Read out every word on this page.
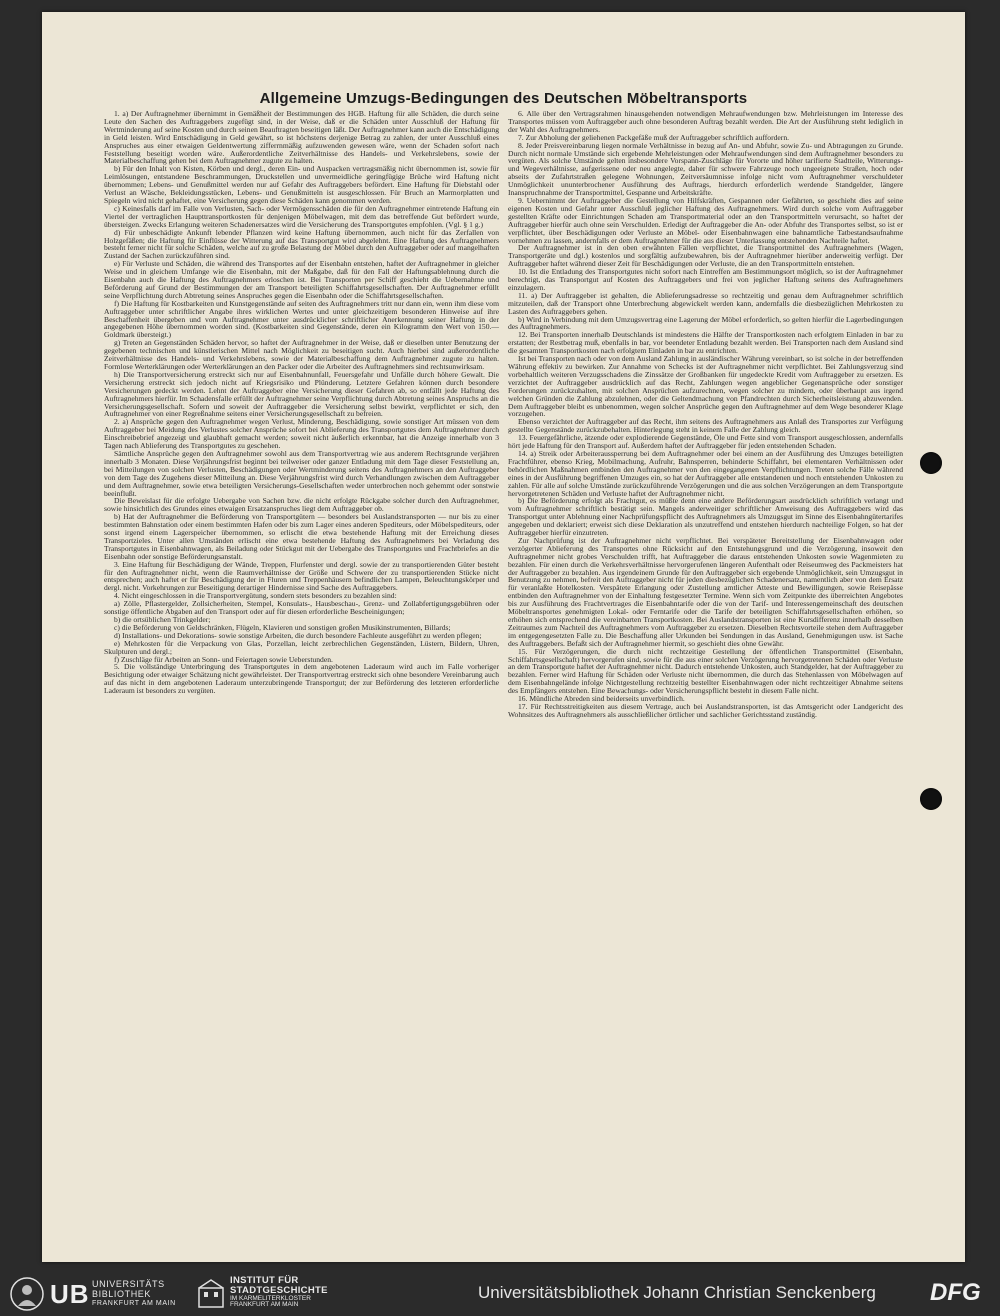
Allgemeine Umzugs-Bedingungen des Deutschen Möbeltransports

1. a) Der Auftragnehmer übernimmt in Gemäßheit der Bestimmungen des HGB. Haftung für alle Schäden, die durch seine Leute den Sachen des Auftraggebers zugefügt sind, in der Weise, daß er die Schäden unter Ausschluß der Haftung für Wertminderung auf seine Kosten und durch seinen Beauftragten beseitigen läßt. Der Auftragnehmer kann auch die Entschädigung in Geld leisten. Wird Entschädigung in Geld gewährt, so ist höchstens derjenige Betrag zu zahlen, der unter Ausschluß eines Anspruches aus einer etwaigen Geldentwertung zifferrnmäßig aufzuwenden gewesen wäre, wenn der Schaden sofort nach Feststellung beseitigt worden wäre. Außerordentliche Zeitverhältnisse des Handels- und Verkehrslebens, sowie der Materialbeschaffung gehen bei dem Auftragnehmer zugute zu halten.

b) Für den Inhalt von Kisten, Körben und dergl., deren Ein- und Auspacken vertragsmäßig nicht übernommen ist, sowie für Leimlösungen, entstandene Beschrammungen, Druckstellen und unvermeidliche geringfügige Brüche wird Haftung nicht übernommen; Lebens- und Genußmittel werden nur auf Gefahr des Auftraggebers befördert. Eine Haftung für Diebstahl oder Verlust an Wäsche, Bekleidungsstücken, Lebens- und Genußmitteln ist ausgeschlossen. Für Bruch an Marmorplatten und Spiegeln wird nicht gehaftet, eine Versicherung gegen diese Schäden kann genommen werden.

c) Keinesfalls darf im Falle von Verlusten, Sach- oder Vermögensschäden die für den Auftragnehmer eintretende Haftung ein Viertel der vertraglichen Haupttransportkosten für denjenigen Möbelwagen, mit dem das betreffende Gut befördert wurde, übersteigen. Zwecks Erlangung weiteren Schadenersatzes wird die Versicherung des Transportgutes empfohlen. (Vgl. § 1 g.)

d) Für unbeschädigte Ankunft lebender Pflanzen wird keine Haftung übernommen, auch nicht für das Zerfallen von Holzgefäßen; die Haftung für Einflüsse der Witterung auf das Transportgut wird abgelehnt. Eine Haftung des Auftragnehmers besteht ferner nicht für solche Schäden, welche auf zu große Belastung der Möbel durch den Auftraggeber oder auf mangelhaften Zustand der Sachen zurückzuführen sind.

e) Für Verluste und Schäden, die während des Transportes auf der Eisenbahn entstehen, haftet der Auftragnehmer in gleicher Weise und in gleichem Umfange wie die Eisenbahn, mit der Maßgabe, daß für den Fall der Haftungsablehnung durch die Eisenbahn auch die Haftung des Auftragnehmers erloschen ist. Bei Transporten per Schiff geschieht die Uebernahme und Beförderung auf Grund der Bestimmungen der am Transport beteiligten Schiffahrtsgesellschaften. Der Auftragnehmer erfüllt seine Verpflichtung durch Abtretung seines Anspruches gegen die Eisenbahn oder die Schiffahrtsgesellschaften.

f) Die Haftung für Kostbarkeiten und Kunstgegenstände auf seiten des Auftragnehmers tritt nur dann ein, wenn ihm diese vom Auftraggeber unter schriftlicher Angabe ihres wirklichen Wertes und unter gleichzeitigem besonderen Hinweise auf ihre Beschaffenheit übergeben und vom Auftragnehmer unter ausdrücklicher schriftlicher Anerkennung seiner Haftung in der angegebenen Höhe übernommen worden sind. (Kostbarkeiten sind Gegenstände, deren ein Kilogramm den Wert von 150.— Goldmark übersteigt.)

g) Treten an Gegenständen Schäden hervor, so haftet der Auftragnehmer in der Weise, daß er dieselben unter Benutzung der gegebenen technischen und künstlerischen Mittel nach Möglichkeit zu beseitigen sucht. Auch hierbei sind außerordentliche Zeitverhältnisse des Handels- und Verkehrslebens, sowie der Materialbeschaffung dem Auftragnehmer zugute zu halten. Formlose Werterklärungen oder Werterklärungen an den Packer oder die Arbeiter des Auftragnehmers sind rechtsunwirksam.

h) Die Transportversicherung erstreckt sich nur auf Eisenbahnunfall, Feuersgefahr und Unfälle durch höhere Gewalt. Die Versicherung erstreckt sich jedoch nicht auf Kriegsrisiko und Plünderung. Letztere Gefahren können durch besondere Versicherungen gedeckt werden. Lehnt der Auftraggeber eine Versicherung dieser Gefahren ab, so entfällt jede Haftung des Auftragnehmers hierfür. Im Schadensfalle erfüllt der Auftragnehmer seine Verpflichtung durch Abtretung seines Anspruchs an die Versicherungsgesellschaft. Sofern und soweit der Auftraggeber die Versicherung selbst bewirkt, verpflichtet er sich, den Auftragnehmer von einer Regreßnahme seitens einer Versicherungsgesellschaft zu befreien.

2. a) Ansprüche gegen den Auftragnehmer wegen Verlust, Minderung, Beschädigung, sowie sonstiger Art müssen von dem Auftraggeber bei Meidung des Verlustes solcher Ansprüche sofort bei Ablieferung des Transportgutes dem Auftragnehmer durch Einschreibebrief angezeigt und glaubhaft gemacht werden; soweit nicht äußerlich erkennbar, hat die Anzeige innerhalb von 3 Tagen nach Ablieferung des Transportgutes zu geschehen.

Sämtliche Ansprüche gegen den Auftragnehmer sowohl aus dem Transportvertrag wie aus anderem Rechtsgrunde verjähren innerhalb 3 Monaten. Diese Verjährungsfrist beginnt bei teilweiser oder ganzer Entladung mit dem Tage dieser Feststellung an, bei Mitteilungen von solchen Verlusten, Beschädigungen oder Wertminderung seitens des Auftragnehmers an den Auftraggeber von dem Tage des Zugehens dieser Mitteilung an. Diese Verjährungsfrist wird durch Verhandlungen zwischen dem Auftraggeber und dem Auftragnehmer, sowie etwa beteiligten Versicherungs-Gesellschaften weder unterbrochen noch gehemmt oder sonstwie beeinflußt.

Die Beweislast für die erfolgte Uebergabe von Sachen bzw. die nicht erfolgte Rückgabe solcher durch den Auftragnehmer, sowie hinsichtlich des Grundes eines etwaigen Ersatzanspruches liegt dem Auftraggeber ob.

b) Hat der Auftragnehmer die Beförderung von Transportgütern — besonders bei Auslandstransporten — nur bis zu einer bestimmten Bahnstation oder einem bestimmten Hafen oder bis zum Lager eines anderen Spediteurs, oder Möbelspediteurs, oder sonst irgend einem Lagerspeicher übernommen, so erlischt die etwa bestehende Haftung mit der Erreichung dieses Transportzieles. Unter allen Umständen erlischt eine etwa bestehende Haftung des Auftragnehmers bei Verladung des Transportgutes in Eisenbahnwagen, als Beiladung oder Stückgut mit der Uebergabe des Transportgutes und Frachtbriefes an die Eisenbahn oder sonstige Beförderungsanstalt.

3. Eine Haftung für Beschädigung der Wände, Treppen, Flurfenster und dergl. sowie der zu transportierenden Güter besteht für den Auftragnehmer nicht, wenn die Raumverhältnisse der Größe und Schwere der zu transportierenden Stücke nicht entsprechen; auch haftet er für Beschädigung der in Fluren und Treppenhäusern befindlichen Lampen, Beleuchtungskörper und dergl. nicht. Vorkehrungen zur Beseitigung derartiger Hindernisse sind Sache des Auftraggebers.

4. Nicht eingeschlossen in die Transportvergütung, sondern stets besonders zu bezahlen sind:

a) Zölle, Pflastergelder, Zollsicherheiten, Stempel, Konsulats-, Hausbeschau-, Grenz- und Zollabfertigungsgebühren oder sonstige öffentliche Abgaben auf den Transport oder auf für diesen erforderliche Bescheinigungen;

b) die ortsüblichen Trinkgelder;

c) die Beförderung von Geldschränken, Flügeln, Klavieren und sonstigen großen Musikinstrumenten, Billards;

d) Installations- und Dekorations- sowie sonstige Arbeiten, die durch besondere Fachleute ausgeführt zu werden pflegen;

e) Mehrkosten für die Verpackung von Glas, Porzellan, leicht zerbrechlichen Gegenständen, Lüstern, Bildern, Uhren, Skulpturen und dergl.;

f) Zuschläge für Arbeiten an Sonn- und Feiertagen sowie Ueberstunden.

5. Die vollständige Unterbringung des Transportgutes in dem angebotenen Laderaum wird auch im Falle vorheriger Besichtigung oder etwaiger Schätzung nicht gewährleistet. Der Transportvertrag erstreckt sich ohne besondere Vereinbarung auch auf das nicht in dem angebotenen Laderaum unterzubringende Transportgut; der zur Beförderung des letzteren erforderliche Laderaum ist besonders zu vergüten.

6. Alle über den Vertragsrahmen hinausgehenden notwendigen Mehraufwendungen bzw. Mehrleistungen im Interesse des Transportes müssen vom Auftraggeber auch ohne besonderen Auftrag bezahlt werden. Die Art der Ausführung steht lediglich in der Wahl des Auftragnehmers.

7. Zur Abholung der geliehenen Packgefäße muß der Auftraggeber schriftlich auffordern.

8. Jeder Preisvereinbarung liegen normale Verhältnisse in bezug auf An- und Abfuhr, sowie Zu- und Abtragungen zu Grunde. Durch nicht normale Umstände sich ergebende Mehrleistungen oder Mehraufwendungen sind dem Auftragnehmer besonders zu vergüten. Als solche Umstände gelten insbesondere Vorspann-Zuschläge für Vororte und höher tarifierte Stadtteile, Witterungs- und Wegeverhältnisse, aufgerissene oder neu angelegte, daher für schwere Fahrzeuge noch ungeeignete Straßen, hoch oder abseits der Zufahrtstraßen gelegene Wohnungen, Zeitversäumnisse infolge nicht vom Auftragnehmer verschuldeter Unmöglichkeit ununterbrochener Ausführung des Auftrags, hierdurch erforderlich werdende Standgelder, längere Inanspruchnahme der Transportmittel, Gespanne und Arbeitskräfte.

9. Uebernimmt der Auftraggeber die Gestellung von Hilfskräften, Gespannen oder Gefährten, so geschieht dies auf seine eigenen Kosten und Gefahr unter Ausschluß jeglicher Haftung des Auftragnehmers. Wird durch solche vom Auftraggeber gestellten Kräfte oder Einrichtungen Schaden am Transportmaterial oder an den Transportmitteln verursacht, so haftet der Auftraggeber hierfür auch ohne sein Verschulden. Erledigt der Auftraggeber die An- oder Abfuhr des Transportes selbst, so ist er verpflichtet, über Beschädigungen oder Verluste an Möbel- oder Eisenbahnwagen eine bahnamtliche Tatbestandsaufnahme vornehmen zu lassen, andernfalls er dem Auftragnehmer für die aus dieser Unterlassung entstehenden Nachteile haftet.

Der Auftragnehmer ist in den oben erwähnten Fällen verpflichtet, die Transportmittel des Auftragnehmers (Wagen, Transportgeräte und dgl.) kostenlos und sorgfältig aufzubewahren, bis der Auftragnehmer hierüber anderweitig verfügt. Der Auftraggeber haftet während dieser Zeit für Beschädigungen oder Verluste, die an den Transportmitteln entstehen.

10. Ist die Entladung des Transportgutes nicht sofort nach Eintreffen am Bestimmungsort möglich, so ist der Auftragnehmer berechtigt, das Transportgut auf Kosten des Auftraggebers und frei von jeglicher Haftung seitens des Auftragnehmers einzulagern.

11. a) Der Auftraggeber ist gehalten, die Ablieferungsadresse so rechtzeitig und genau dem Auftragnehmer schriftlich mitzuteilen, daß der Transport ohne Unterbrechung abgewickelt werden kann, andernfalls die diesbezüglichen Mehrkosten zu Lasten des Auftraggebers gehen.

b) Wird in Verbindung mit dem Umzugsvertrag eine Lagerung der Möbel erforderlich, so gelten hierfür die Lagerbedingungen des Auftragnehmers.

12. Bei Transporten innerhalb Deutschlands ist mindestens die Hälfte der Transportkosten nach erfolgtem Einladen in bar zu erstatten; der Restbetrag muß, ebenfalls in bar, vor beendeter Entladung bezahlt werden. Bei Transporten nach dem Ausland sind die gesamten Transportkosten nach erfolgtem Einladen in bar zu entrichten.

Ist bei Transporten nach oder von dem Ausland Zahlung in ausländischer Währung vereinbart, so ist solche in der betreffenden Währung effektiv zu bewirken. Zur Annahme von Schecks ist der Auftragnehmer nicht verpflichtet. Bei Zahlungsverzug sind vorbehaltlich weiteren Verzugsschadens die Zinssätze der Großbanken für ungedeckte Kredit vom Auftraggeber zu ersetzen. Es verzichtet der Auftraggeber ausdrücklich auf das Recht, Zahlungen wegen angeblicher Gegenansprüche oder sonstiger Forderungen zurückzuhalten, mit solchen Ansprüchen aufzurechnen, wegen solcher zu mindern, oder überhaupt aus irgend welchen Gründen die Zahlung abzulehnen, oder die Geltendmachung von Pfandrechten durch Sicherheitsleistung abzuwenden. Dem Auftraggeber bleibt es unbenommen, wegen solcher Ansprüche gegen den Auftragnehmer auf dem Wege besonderer Klage vorzugehen.

Ebenso verzichtet der Auftraggeber auf das Recht, ihm seitens des Auftragnehmers aus Anlaß des Transportes zur Verfügung gestellte Gegenstände zurückzubehalten. Hinterlegung steht in keinem Falle der Zahlung gleich.

13. Feuergefährliche, ätzende oder explodierende Gegenstände, Öle und Fette sind vom Transport ausgeschlossen, andernfalls hört jede Haftung für den Transport auf. Außerdem haftet der Auftraggeber für jeden entstehenden Schaden.

14. a) Streik oder Arbeiteraussperrung bei dem Auftragnehmer oder bei einem an der Ausführung des Umzuges beteiligten Frachtführer, ebenso Krieg, Mobilmachung, Aufruhr, Bahnsperren, behinderte Schiffahrt, bei elementaren Verhältnissen oder behördlichen Maßnahmen entbinden den Auftragnehmer von den eingegangenen Verpflichtungen. Treten solche Fälle während eines in der Ausführung begriffenen Umzuges ein, so hat der Auftraggeber alle entstandenen und noch entstehenden Unkosten zu zahlen. Für alle auf solche Umstände zurückzuführende Verzögerungen und die aus solchen Verzögerungen an dem Transportgute hervorgetretenen Schäden und Verluste haftet der Auftragnehmer nicht.

b) Die Beförderung erfolgt als Frachtgut, es müßte denn eine andere Beförderungsart ausdrücklich schriftlich verlangt und vom Auftragnehmer schriftlich bestätigt sein. Mangels anderweitiger schriftlicher Anweisung des Auftraggebers wird das Transportgut unter Ablehnung einer Nachprüfungspflicht des Auftragnehmers als Umzugsgut im Sinne des Eisenbahngütertarifes angegeben und deklariert; erweist sich diese Deklaration als unzutreffend und entstehen hierdurch nachteilige Folgen, so hat der Auftraggeber hierfür einzutreten.

Zur Nachprüfung ist der Auftragnehmer nicht verpflichtet. Bei verspäteter Bereitstellung der Eisenbahnwagen oder verzögerter Ablieferung des Transportes ohne Rücksicht auf den Entstehungsgrund und die Verzögerung, insoweit den Auftragnehmer nicht grobes Verschulden trifft, hat Auftraggeber die daraus entstehenden Unkosten sowie Wagenmieten zu bezahlen. Für einen durch die Verkehrsverhältnisse hervorgerufenen längeren Aufenthalt oder Reiseumweg des Packmeisters hat der Auftraggeber zu bezahlen. Aus irgendeinem Grunde für den Auftraggeber sich ergebende Unmöglichkeit, sein Umzugsgut in Benutzung zu nehmen, befreit den Auftraggeber nicht für jeden diesbezüglichen Schadenersatz, namentlich aber von dem Ersatz für veranlaßte Hotelkosten. Verspätete Erlangung oder Zustellung amtlicher Atteste und Bewilligungen, sowie Reisepässe entbinden den Auftragnehmer von der Einhaltung festgesetzter Termine. Wenn sich vom Zeitpunkte des überreichten Angebotes bis zur Ausführung des Frachtvertrages die Eisenbahntarife oder die von der Tarif- und Interessengemeinschaft des deutschen Möbeltransportes genehmigten Lokal- oder Ferntarife oder die Tarife der beteiligten Schiffahrtsgesellschaften erhöhen, so erhöhen sich entsprechend die vereinbarten Transportkosten. Bei Auslandstransporten ist eine Kursdifferenz innerhalb desselben Zeitraumes zum Nachteil des Auftragnehmers vom Auftraggeber zu ersetzen. Dieselben Rechtsvorteile stehen dem Auftraggeber im entgegengesetzten Falle zu. Die Beschaffung aller Urkunden bei Sendungen in das Ausland, Genehmigungen usw. ist Sache des Auftraggebers. Befaßt sich der Auftragnehmer hiermit, so geschieht dies ohne Gewähr.

15. Für Verzögerungen, die durch nicht rechtzeitige Gestellung der öffentlichen Transportmittel (Eisenbahn, Schiffahrtsgesellschaft) hervorgerufen sind, sowie für die aus einer solchen Verzögerung hervorgetretenen Schäden oder Verluste an dem Transportgute haftet der Auftragnehmer nicht. Dadurch entstehende Unkosten, auch Standgelder, hat der Auftraggeber zu bezahlen. Ferner wird Haftung für Schäden oder Verluste nicht übernommen, die durch das Stehenlassen von Möbelwagen auf dem Eisenbahngelände infolge Nichtgestellung rechtzeitig bestellter Eisenbahnwagen oder nicht rechtzeitiger Abnahme seitens des Empfängers entstehen. Eine Bewachungs- oder Versicherungspflicht besteht in diesem Falle nicht.

16. Mündliche Abreden sind beiderseits unverbindlich.

17. Für Rechtsstreitigkeiten aus diesem Vertrage, auch bei Auslandstransporten, ist das Amtsgericht oder Landgericht des Wohnsitzes des Auftragnehmers als ausschließlicher örtlicher und sachlicher Gerichtsstand zuständig.

UB UNIVERSITÄTS
BIBLIOTHEK
FRANKFURT AM MAIN
INSTITUT FÜR
STADTGESCHICHTE
IM KARMELITERKLOSTER
FRANKFURT AM MAIN
Universitätsbibliothek Johann Christian Senckenberg DFG
